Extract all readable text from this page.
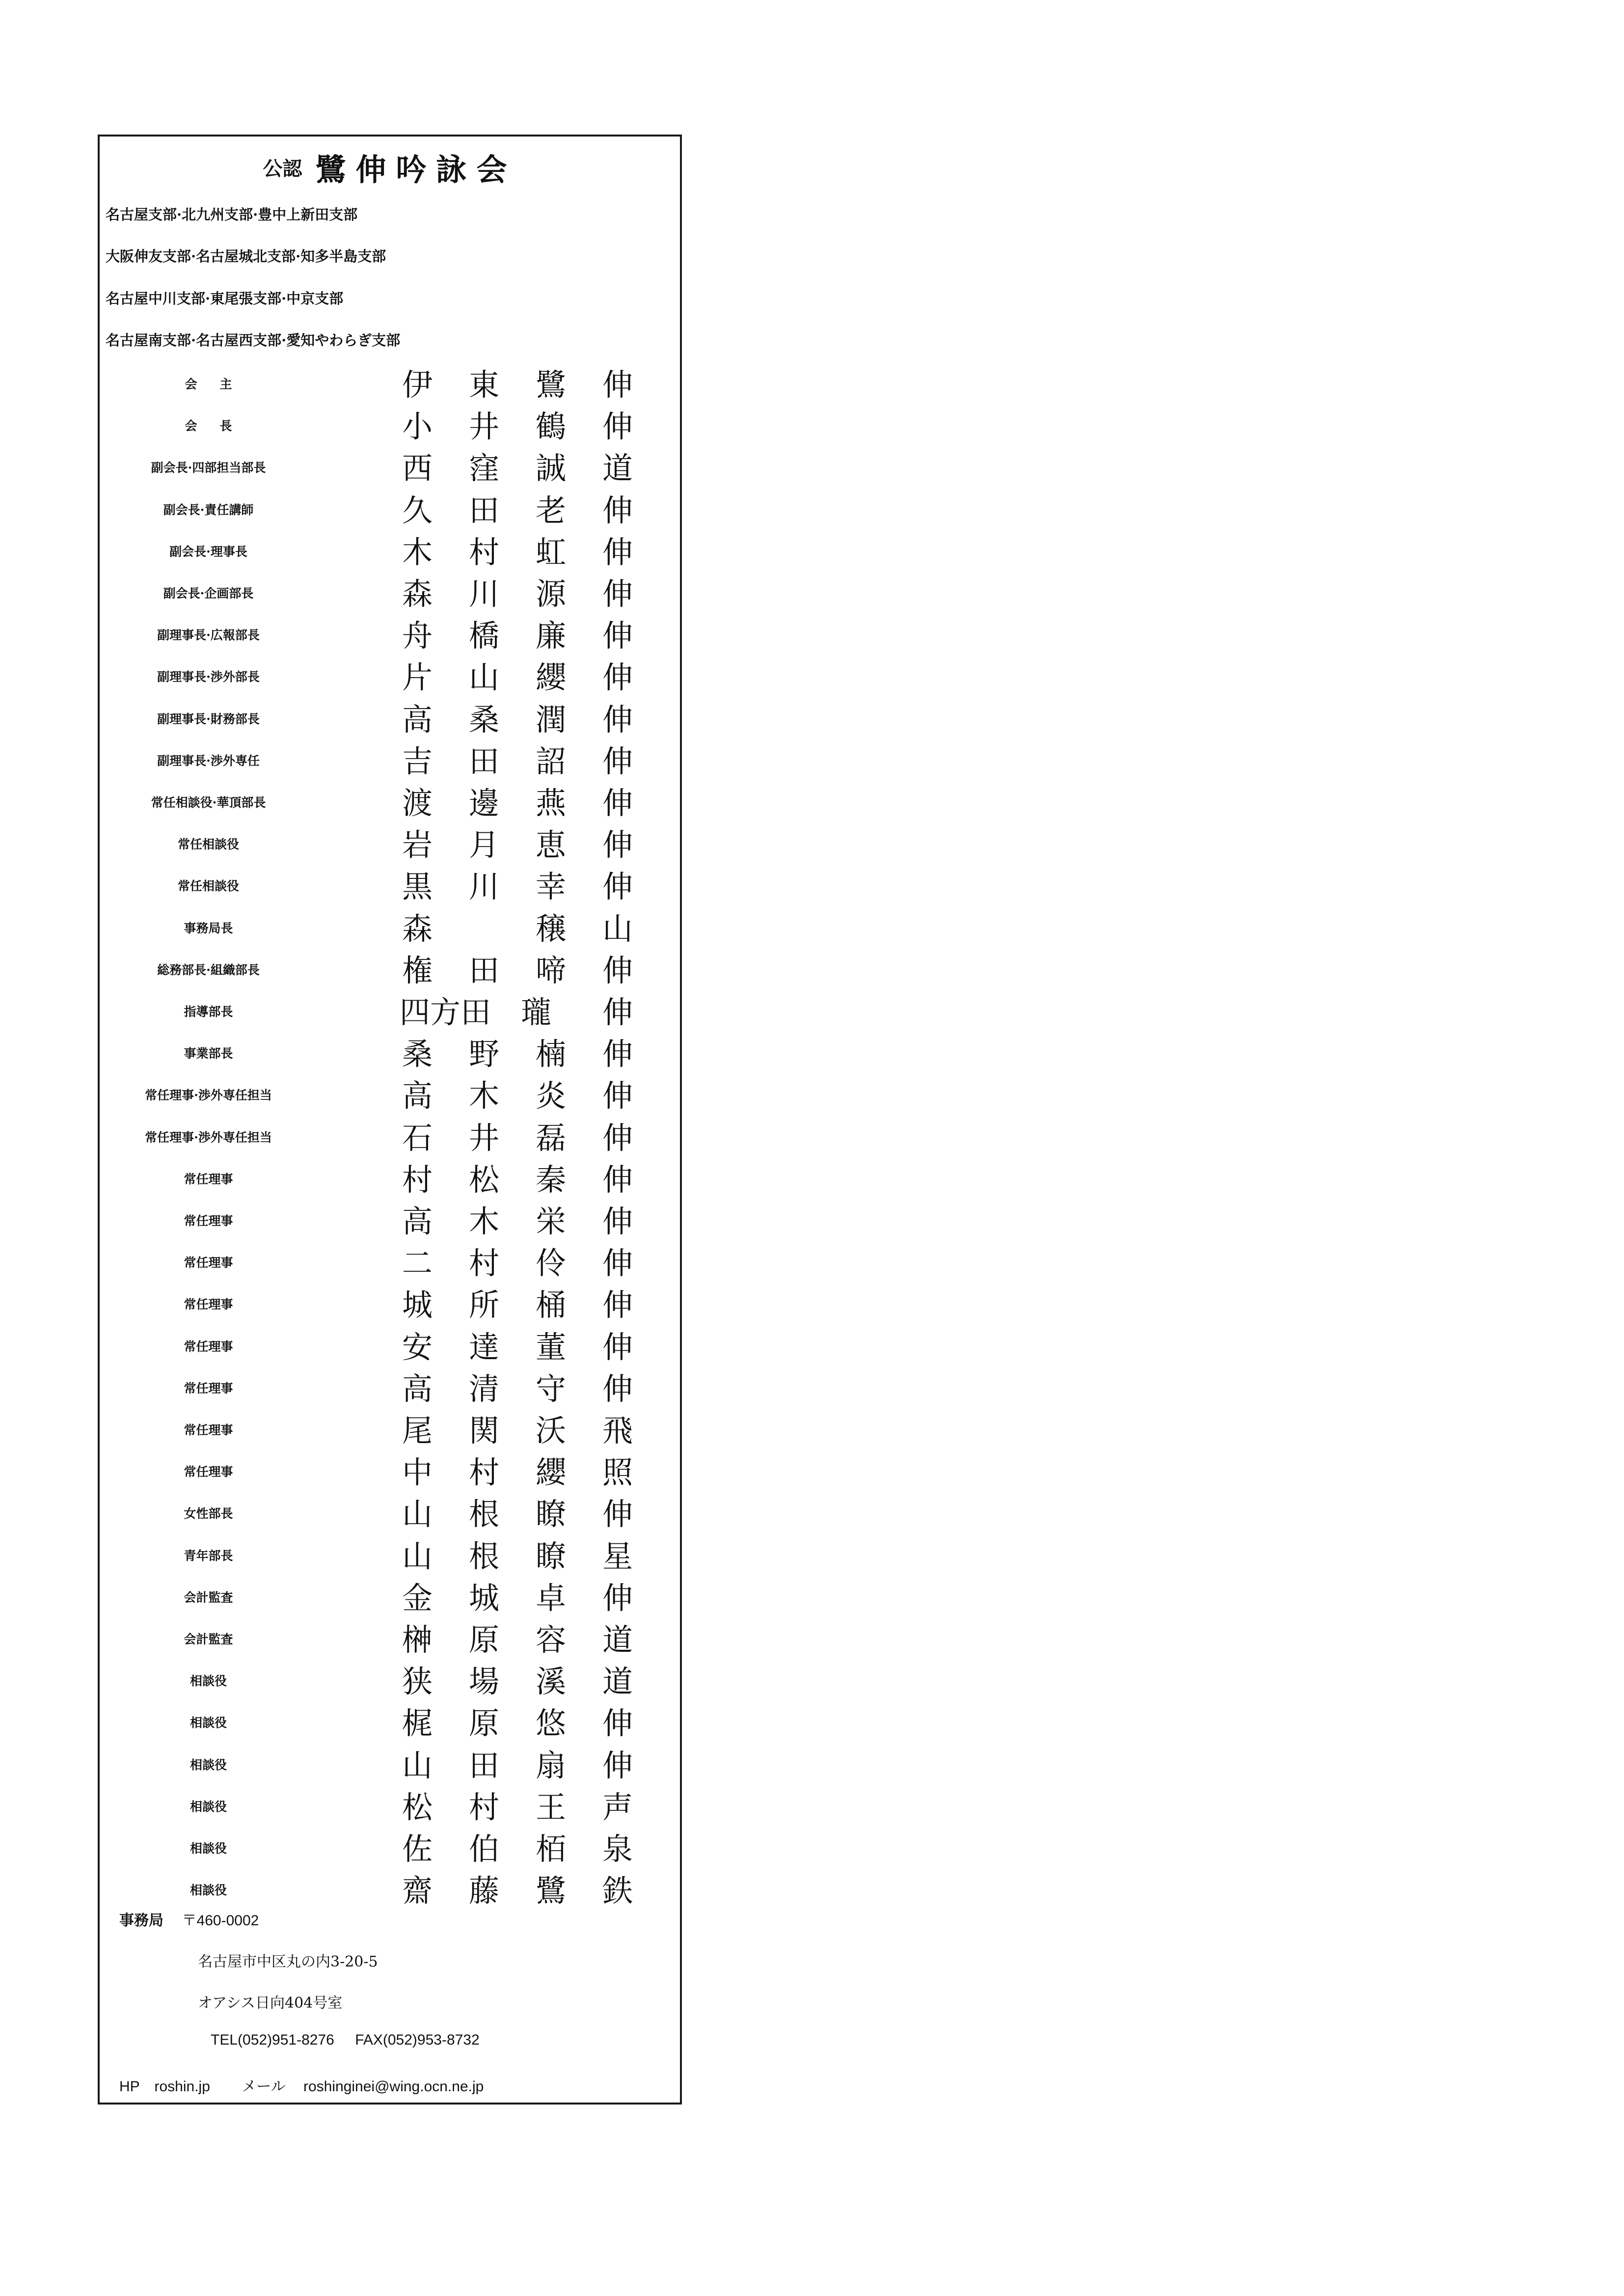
公認 鷺伸吟詠会
名古屋支部·北九州支部·豊中上新田支部
大阪伸友支部·名古屋城北支部·知多半島支部
名古屋中川支部·東尾張支部·中京支部
名古屋南支部·名古屋西支部·愛知やわらぎ支部
会主	伊 東 鷺 伸
会長	小 井 鶴 伸
副会長·四部担当部長	西 窪 誠 道
副会長·責任講師	久 田 老 伸
副会長·理事長	木 村 虹 伸
副会長·企画部長	森 川 源 伸
副理事長·広報部長	舟 橋 廉 伸
副理事長·渉外部長	片 山 纓 伸
副理事長·財務部長	高 桑 潤 伸
副理事長·渉外専任	吉 田 詔 伸
常任相談役·華頂部長	渡 邊 燕 伸
常任相談役	岩 月 恵 伸
常任相談役	黒 川 幸 伸
事務局長	森	穣 山
総務部長·組織部長	権 田 啼 伸
指導部長	四方田 瓏 伸
事業部長	桑 野 楠 伸
常任理事·渉外専任担当	高 木 炎 伸
常任理事·渉外専任担当	石 井 磊 伸
常任理事	村 松 秦 伸
常任理事	高 木 栄 伸
常任理事	二 村 伶 伸
常任理事	城 所 桶 伸
常任理事	安 達 董 伸
常任理事	高 清 守 伸
常任理事	尾 関 沃 飛
常任理事	中 村 纓 照
女性部長	山 根 瞭 伸
青年部長	山 根 瞭 星
会計監査	金 城 卓 伸
会計監査	榊 原 容 道
相談役	狭 場 溪 道
相談役	梶 原 悠 伸
相談役	山 田 扇 伸
相談役	松 村 王 声
相談役	佐 伯 栢 泉
相談役	齋 藤 鷺 鉄
事務局 〒460-0002
名古屋市中区丸の内3-20-5
オアシス日向404号室
TEL(052)951-8276 FAX(052)953-8732
HP roshin.jp メール roshinginei@wing.ocn.ne.jp
